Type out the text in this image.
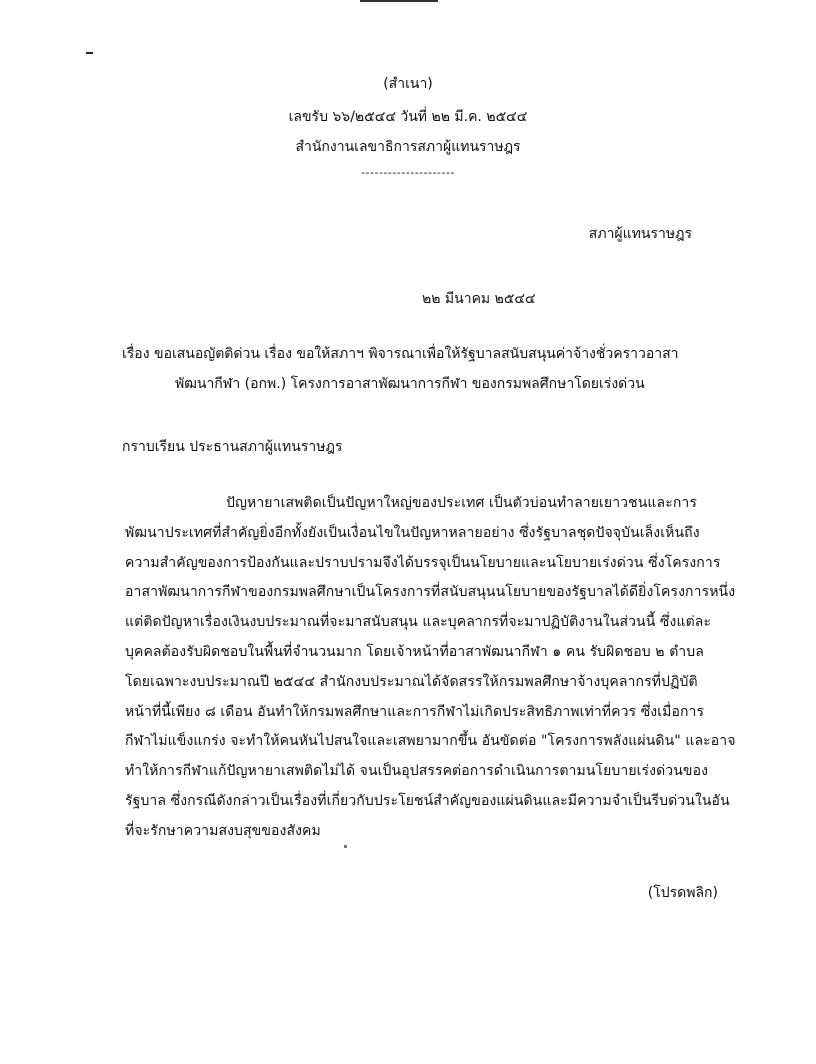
(สำเนา)
เลขรับ ๖๖/๒๕๔๔ วันที่ ๒๒ มี.ค. ๒๕๔๔
สำนักงานเลขาธิการสภาผู้แทนราษฎร
---------------------
สภาผู้แทนราษฎร
๒๒ มีนาคม ๒๕๔๔
เรื่อง ขอเสนอญัตติด่วน เรื่อง ขอให้สภาฯ พิจารณาเพื่อให้รัฐบาลสนับสนุนค่าจ้างชั่วคราวอาสา
พัฒนากีฬา (อกพ.) โครงการอาสาพัฒนาการกีฬา ของกรมพลศึกษาโดยเร่งด่วน
กราบเรียน ประธานสภาผู้แทนราษฎร
ปัญหายาเสพติดเป็นปัญหาใหญ่ของประเทศ เป็นตัวบ่อนทำลายเยาวชนและการ
พัฒนาประเทศที่สำคัญยิ่งอีกทั้งยังเป็นเงื่อนไขในปัญหาหลายอย่าง ซึ่งรัฐบาลชุดปัจจุบันเล็งเห็นถึง
ความสำคัญของการป้องกันและปราบปรามจึงได้บรรจุเป็นนโยบายและนโยบายเร่งด่วน ซึ่งโครงการ
อาสาพัฒนาการกีฬาของกรมพลศึกษาเป็นโครงการที่สนับสนุนนโยบายของรัฐบาลได้ดียิ่งโครงการหนึ่ง
แต่ติดปัญหาเรื่องเงินงบประมาณที่จะมาสนับสนุน และบุคลากรที่จะมาปฏิบัติงานในส่วนนี้ ซึ่งแต่ละ
บุคคลต้องรับผิดชอบในพื้นที่จำนวนมาก โดยเจ้าหน้าที่อาสาพัฒนากีฬา ๑ คน รับผิดชอบ ๒ ตำบล
โดยเฉพาะงบประมาณปี ๒๕๔๔ สำนักงบประมาณได้จัดสรรให้กรมพลศึกษาจ้างบุคลากรที่ปฏิบัติ
หน้าที่นี้เพียง ๘ เดือน อันทำให้กรมพลศึกษาและการกีฬาไม่เกิดประสิทธิภาพเท่าที่ควร ซึ่งเมื่อการ
กีฬาไม่แข็งแกร่ง จะทำให้คนหันไปสนใจและเสพยามากขึ้น อันขัดต่อ "โครงการพลังแผ่นดิน" และอาจ
ทำให้การกีฬาแก้ปัญหายาเสพติดไม่ได้ จนเป็นอุปสรรคต่อการดำเนินการตามนโยบายเร่งด่วนของ
รัฐบาล ซึ่งกรณีดังกล่าวเป็นเรื่องที่เกี่ยวกับประโยชน์สำคัญของแผ่นดินและมีความจำเป็นรีบด่วนในอัน
ที่จะรักษาความสงบสุขของสังคม
(โปรดพลิก)
